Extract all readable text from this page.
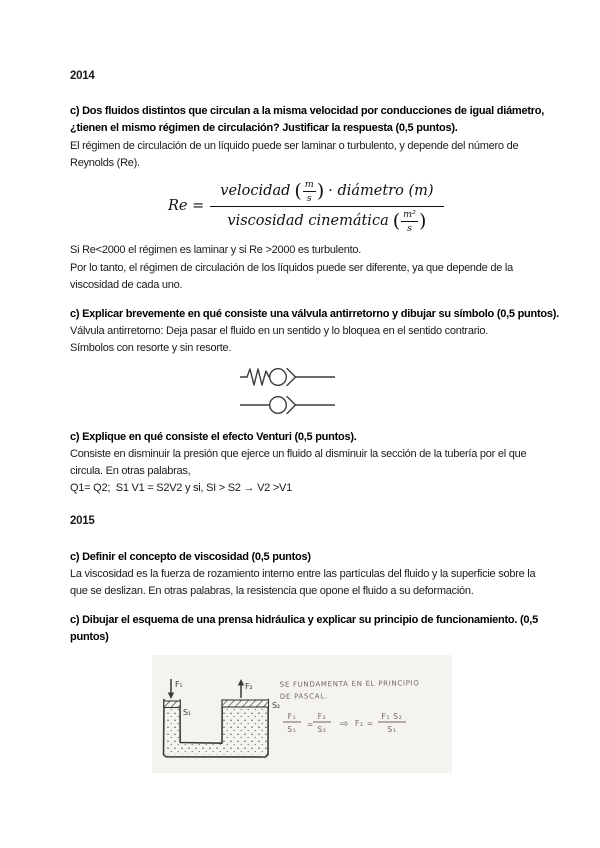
2014
c) Dos fluidos distintos que circulan a la misma velocidad por conducciones de igual diámetro,
¿tienen el mismo régimen de circulación? Justificar la respuesta (0,5 puntos).
El régimen de circulación de un líquido puede ser laminar o turbulento, y depende del número de
Reynolds (Re).
Re =
velocidad ( m
s ) · diámetro (m)
viscosidad cinemática ( m²
s )
Si Re<2000 el régimen es laminar y si Re >2000 es turbulento.
Por lo tanto, el régimen de circulación de los líquidos puede ser diferente, ya que depende de la
viscosidad de cada uno.
c) Explicar brevemente en qué consiste una válvula antirretorno y dibujar su símbolo (0,5 puntos).
Válvula antirretorno: Deja pasar el fluido en un sentido y lo bloquea en el sentido contrario.
Símbolos con resorte y sin resorte.
c) Explique en qué consiste el efecto Venturi (0,5 puntos).
Consiste en disminuir la presión que ejerce un fluido al disminuir la sección de la tubería por el que
circula. En otras palabras,
Q1= Q2;  S1 V1 = S2V2 y si, SI > S2 → V2 >V1
2015
c) Definir el concepto de viscosidad (0,5 puntos)
La viscosidad es la fuerza de rozamiento interno entre las partículas del fluido y la superficie sobre la
que se deslizan. En otras palabras, la resistencia que opone el fluido a su deformación.
c) Dibujar el esquema de una prensa hidráulica y explicar su principio de funcionamiento. (0,5
puntos)
F₁
S₁
F₂
S₂
SE FUNDAMENTA EN EL PRINCIPIO
DE PASCAL.
F₁
S₁
=
F₂
S₂ ⇨ F₂ =
F₁ S₂
S₁
